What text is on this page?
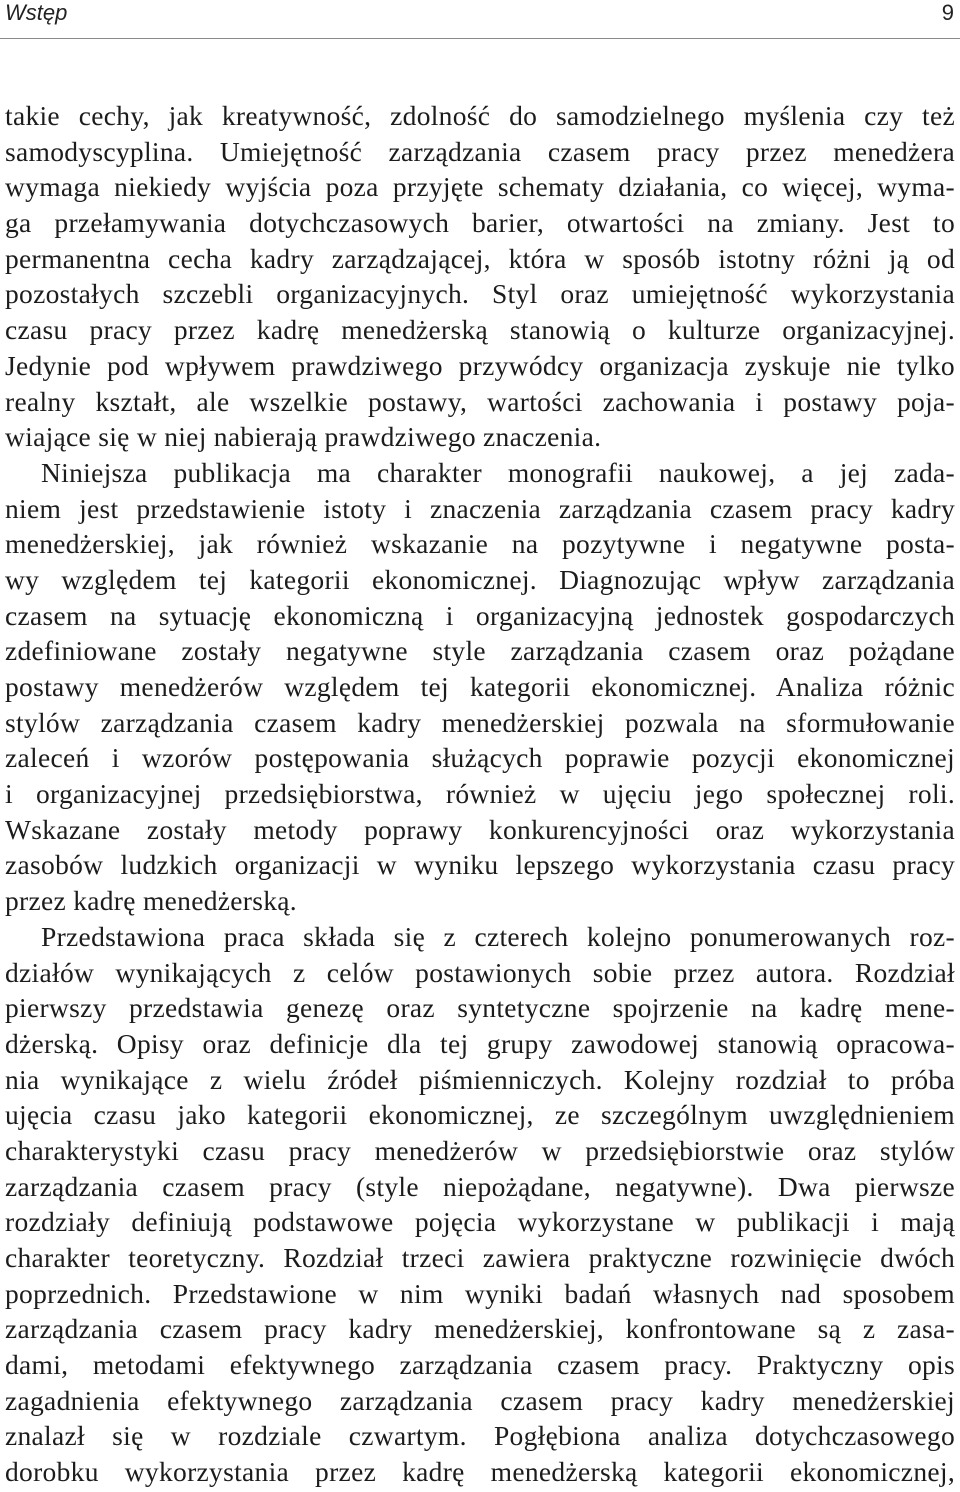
Wstęp	9
takie cechy, jak kreatywność, zdolność do samodzielnego myślenia czy też
samodyscyplina. Umiejętność zarządzania czasem pracy przez menedżera
wymaga niekiedy wyjścia poza przyjęte schematy działania, co więcej, wyma-
ga przełamywania dotychczasowych barier, otwartości na zmiany. Jest to
permanentna cecha kadry zarządzającej, która w sposób istotny różni ją od
pozostałych szczebli organizacyjnych. Styl oraz umiejętność wykorzystania
czasu pracy przez kadrę menedżerską stanowią o kulturze organizacyjnej.
Jedynie pod wpływem prawdziwego przywódcy organizacja zyskuje nie tylko
realny kształt, ale wszelkie postawy, wartości zachowania i postawy poja-
wiające się w niej nabierają prawdziwego znaczenia.
Niniejsza publikacja ma charakter monografii naukowej, a jej zada-
niem jest przedstawienie istoty i znaczenia zarządzania czasem pracy kadry
menedżerskiej, jak również wskazanie na pozytywne i negatywne posta-
wy względem tej kategorii ekonomicznej. Diagnozując wpływ zarządzania
czasem na sytuację ekonomiczną i organizacyjną jednostek gospodarczych
zdefiniowane zostały negatywne style zarządzania czasem oraz pożądane
postawy menedżerów względem tej kategorii ekonomicznej. Analiza różnic
stylów zarządzania czasem kadry menedżerskiej pozwala na sformułowanie
zaleceń i wzorów postępowania służących poprawie pozycji ekonomicznej
i organizacyjnej przedsiębiorstwa, również w ujęciu jego społecznej roli.
Wskazane zostały metody poprawy konkurencyjności oraz wykorzystania
zasobów ludzkich organizacji w wyniku lepszego wykorzystania czasu pracy
przez kadrę menedżerską.
Przedstawiona praca składa się z czterech kolejno ponumerowanych roz-
działów wynikających z celów postawionych sobie przez autora. Rozdział
pierwszy przedstawia genezę oraz syntetyczne spojrzenie na kadrę mene-
dżerską. Opisy oraz definicje dla tej grupy zawodowej stanowią opracowa-
nia wynikające z wielu źródeł piśmienniczych. Kolejny rozdział to próba
ujęcia czasu jako kategorii ekonomicznej, ze szczególnym uwzględnieniem
charakterystyki czasu pracy menedżerów w przedsiębiorstwie oraz stylów
zarządzania czasem pracy (style niepożądane, negatywne). Dwa pierwsze
rozdziały definiują podstawowe pojęcia wykorzystane w publikacji i mają
charakter teoretyczny. Rozdział trzeci zawiera praktyczne rozwinięcie dwóch
poprzednich. Przedstawione w nim wyniki badań własnych nad sposobem
zarządzania czasem pracy kadry menedżerskiej, konfrontowane są z zasa-
dami, metodami efektywnego zarządzania czasem pracy. Praktyczny opis
zagadnienia efektywnego zarządzania czasem pracy kadry menedżerskiej
znalazł się w rozdziale czwartym. Pogłębiona analiza dotychczasowego
dorobku wykorzystania przez kadrę menedżerską kategorii ekonomicznej,
